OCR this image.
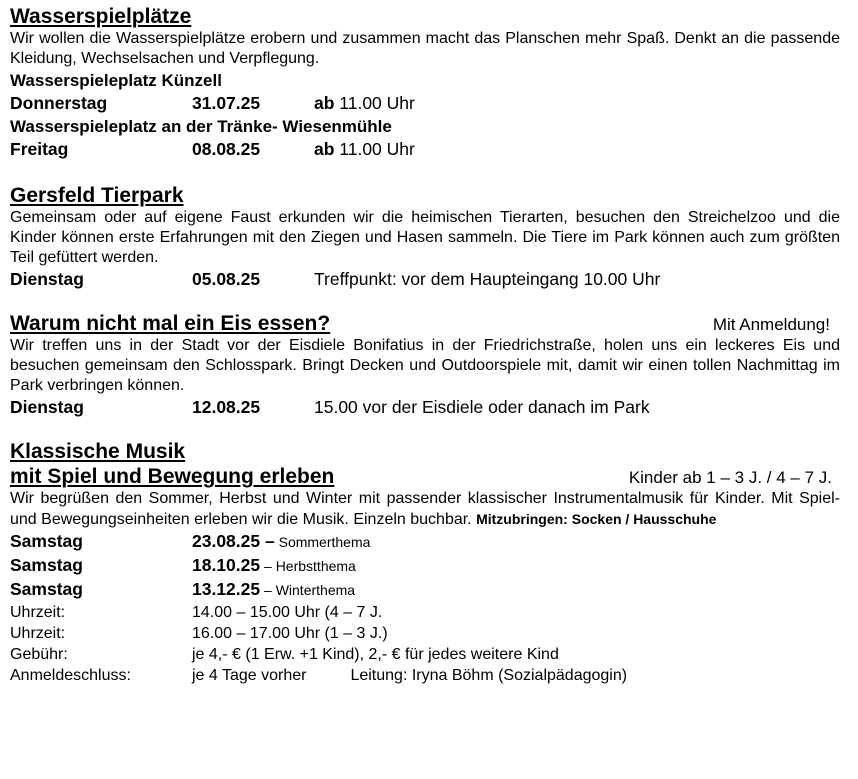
Wasserspielplätze

Wir wollen die Wasserspielplätze erobern und zusammen macht das Planschen mehr Spaß. Denkt an die passende Kleidung, Wechselsachen und Verpflegung.

Wasserspieleplatz Künzell
Donnerstag	31.07.25	ab 11.00 Uhr
Wasserspieleplatz an der Tränke- Wiesenmühle
Freitag	08.08.25	ab 11.00 Uhr
Gersfeld Tierpark

Gemeinsam oder auf eigene Faust erkunden wir die heimischen Tierarten, besuchen den Streichelzoo und die Kinder können erste Erfahrungen mit den Ziegen und Hasen sammeln. Die Tiere im Park können auch zum größten Teil gefüttert werden.

Dienstag	05.08.25	Treffpunkt: vor dem Haupteingang 10.00 Uhr
Warum nicht mal ein Eis essen?	Mit Anmeldung!

Wir treffen uns in der Stadt vor der Eisdiele Bonifatius in der Friedrichstraße, holen uns ein leckeres Eis und besuchen gemeinsam den Schlosspark. Bringt Decken und Outdoorspiele mit, damit wir einen tollen Nachmittag im Park verbringen können.

Dienstag	12.08.25	15.00 vor der Eisdiele oder danach im Park
Klassische Musik
mit Spiel und Bewegung erleben	Kinder ab 1 – 3 J. / 4 – 7 J.

Wir begrüßen den Sommer, Herbst und Winter mit passender klassischer Instrumentalmusik für Kinder. Mit Spiel- und Bewegungseinheiten erleben wir die Musik. Einzeln buchbar. Mitzubringen: Socken / Hausschuhe

Samstag	23.08.25 – Sommerthema
Samstag	18.10.25 – Herbstthema
Samstag	13.12.25 – Winterthema
Uhrzeit:	14.00 – 15.00 Uhr (4 – 7 J.
Uhrzeit:	16.00 – 17.00 Uhr (1 – 3 J.)
Gebühr:	je 4,- € (1 Erw. +1 Kind), 2,- € für jedes weitere Kind
Anmeldeschluss:	je 4 Tage vorher	Leitung: Iryna Böhm (Sozialpädagogin)
